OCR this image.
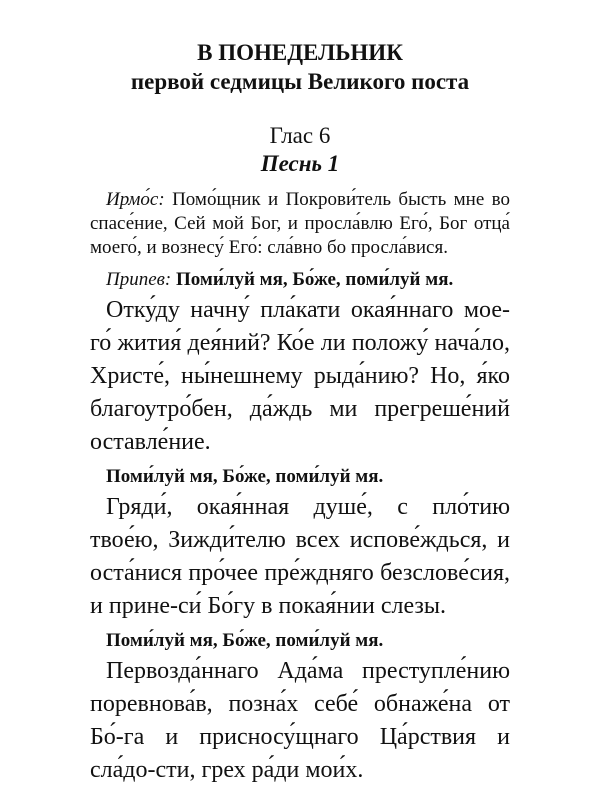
В ПОНЕДЕЛЬНИК
первой седмицы Великого поста
Глас 6
Песнь 1
Ирмо́с: Помо́щник и Покрови́тель бысть мне во спасе́ние, Сей мой Бог, и просла́влю Его́, Бог отца́ моего́, и вознесу́ Его́: сла́вно бо просла́вися.
Припев: Поми́луй мя, Бо́же, поми́луй мя.
Отку́ду начну́ пла́кати окая́ннаго мое-го́ жития́ дея́ний? Ко́е ли положу́ нача́ло, Христе́, ны́нешнему рыда́нию? Но, я́ко благоутро́бен, да́ждь ми прегреше́ний оставле́ние.
Поми́луй мя, Бо́же, поми́луй мя.
Гряди́, окая́нная душе́, с пло́тию твое́ю, Зижди́телю всех испове́ждься, и оста́нися про́чее пре́ждняго безслове́сия, и прине-си́ Бо́гу в покая́нии слезы.
Поми́луй мя, Бо́же, поми́луй мя.
Первозда́ннаго Ада́ма преступле́нию поревнова́в, позна́х себе́ обнаже́на от Бо́-га и присносу́щнаго Ца́рствия и сла́до-сти, грех ра́ди мои́х.
